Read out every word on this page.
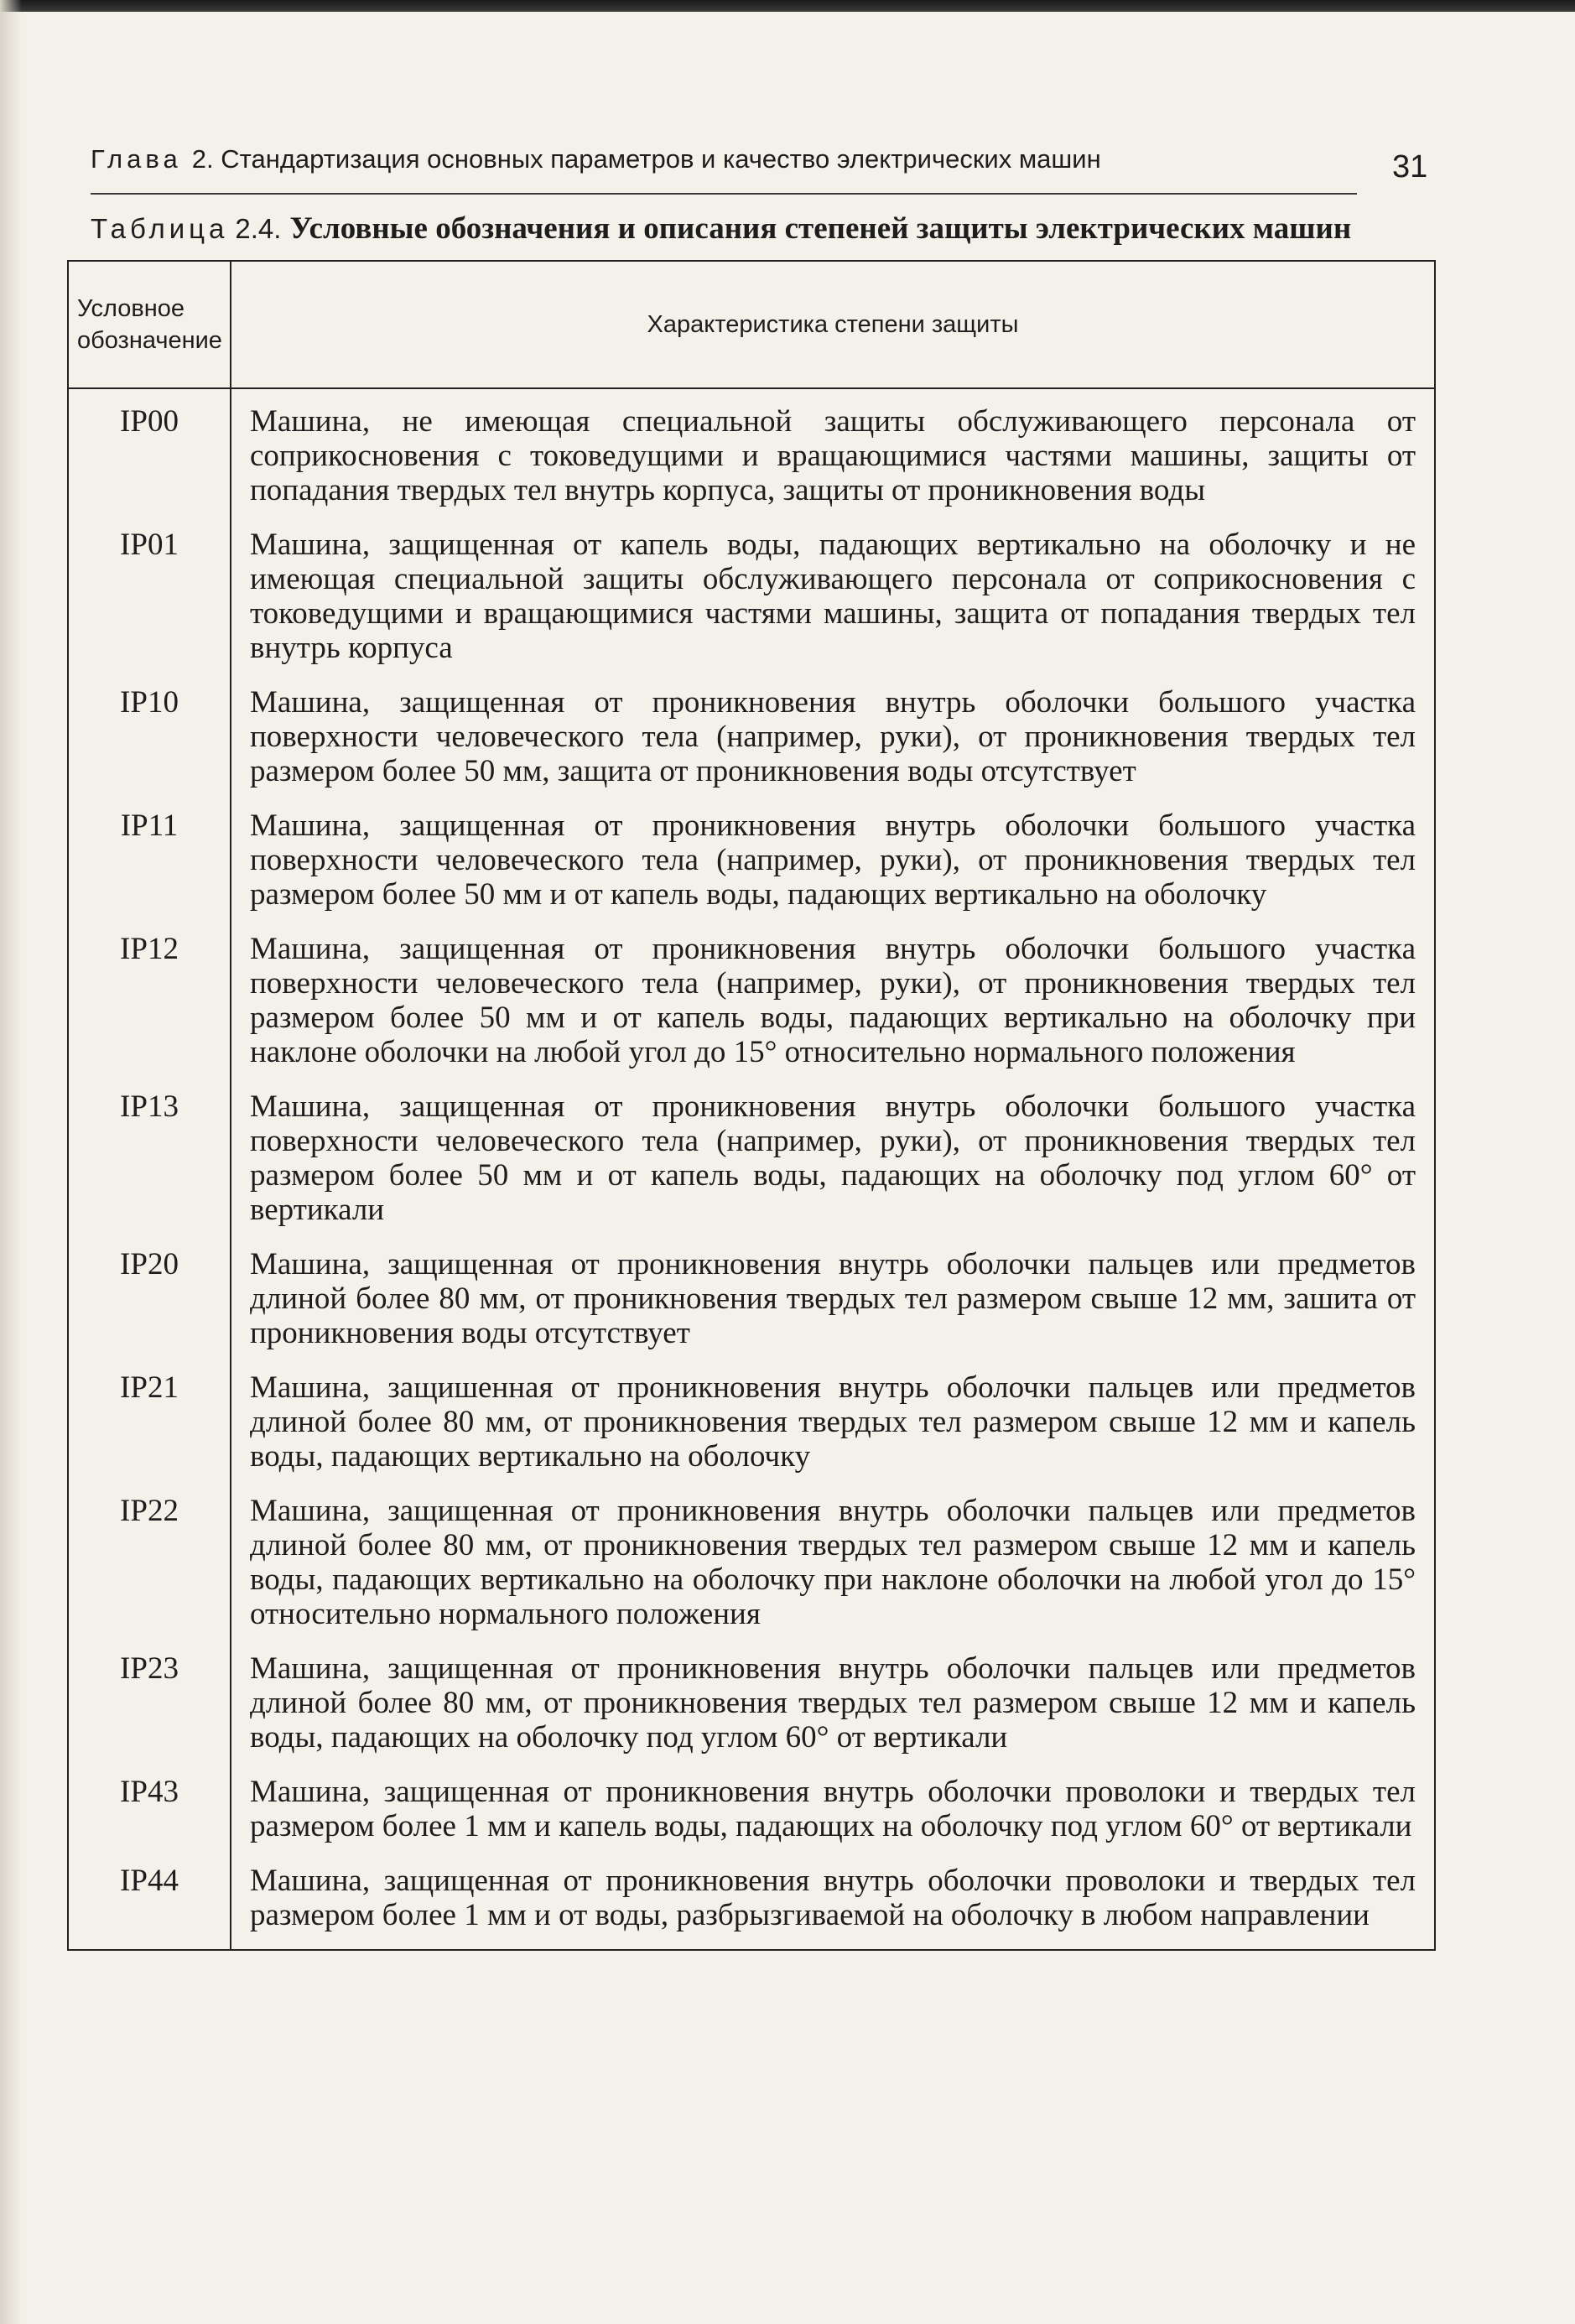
Глава 2. Стандартизация основных параметров и качество электрических машин	31
Таблица 2.4. Условные обозначения и описания степеней защиты электрических машин
Условное обозначение	Характеристика степени защиты
IP00	Машина, не имеющая специальной защиты обслуживающего персонала от соприкосновения с токоведущими и вращающимися частями машины, защиты от попадания твердых тел внутрь корпуса, защиты от проникновения воды
IP01	Машина, защищенная от капель воды, падающих вертикально на оболочку и не имеющая специальной защиты обслуживающего персонала от соприкосновения с токоведущими и вращающимися частями машины, защита от попадания твердых тел внутрь корпуса
IP10	Машина, защищенная от проникновения внутрь оболочки большого участка поверхности человеческого тела (например, руки), от проникновения твердых тел размером более 50 мм, защита от проникновения воды отсутствует
IP11	Машина, защищенная от проникновения внутрь оболочки большого участка поверхности человеческого тела (например, руки), от проникновения твердых тел размером более 50 мм и от капель воды, падающих вертикально на оболочку
IP12	Машина, защищенная от проникновения внутрь оболочки большого участка поверхности человеческого тела (например, руки), от проникновения твердых тел размером более 50 мм и от капель воды, падающих вертикально на оболочку при наклоне оболочки на любой угол до 15° относительно нормального положения
IP13	Машина, защищенная от проникновения внутрь оболочки большого участка поверхности человеческого тела (например, руки), от проникновения твердых тел размером более 50 мм и от капель воды, падающих на оболочку под углом 60° от вертикали
IP20	Машина, защищенная от проникновения внутрь оболочки пальцев или предметов длиной более 80 мм, от проникновения твердых тел размером свыше 12 мм, зашита от проникновения воды отсутствует
IP21	Машина, защишенная от проникновения внутрь оболочки пальцев или предметов длиной более 80 мм, от проникновения твердых тел размером свыше 12 мм и капель воды, падающих вертикально на оболочку
IP22	Машина, защищенная от проникновения внутрь оболочки пальцев или предметов длиной более 80 мм, от проникновения твердых тел размером свыше 12 мм и капель воды, падающих вертикально на оболочку при наклоне оболочки на любой угол до 15° относительно нормального положения
IP23	Машина, защищенная от проникновения внутрь оболочки пальцев или предметов длиной более 80 мм, от проникновения твердых тел размером свыше 12 мм и капель воды, падающих на оболочку под углом 60° от вертикали
IP43	Машина, защищенная от проникновения внутрь оболочки проволоки и твердых тел размером более 1 мм и капель воды, падающих на оболочку под углом 60° от вертикали
IP44	Машина, защищенная от проникновения внутрь оболочки проволоки и твердых тел размером более 1 мм и от воды, разбрызгиваемой на оболочку в любом направлении
